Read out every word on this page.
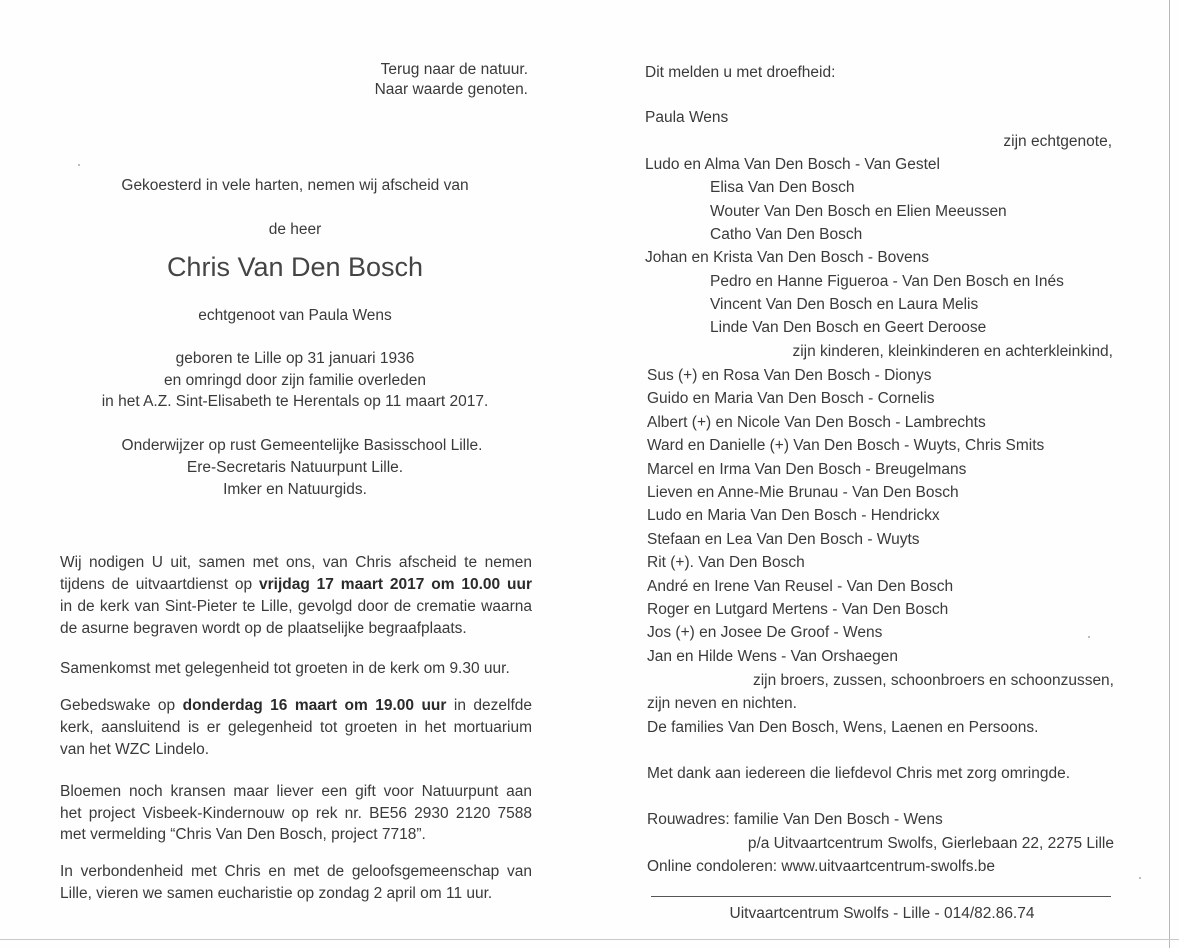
Terug naar de natuur.
Naar waarde genoten.
Gekoesterd in vele harten, nemen wij afscheid van
de heer
Chris Van Den Bosch
echtgenoot van Paula Wens
geboren te Lille op 31 januari 1936
en omringd door zijn familie overleden
in het A.Z. Sint-Elisabeth te Herentals op 11 maart 2017.
Onderwijzer op rust Gemeentelijke Basisschool Lille.
Ere-Secretaris Natuurpunt Lille.
Imker en Natuurgids.
Wij nodigen U uit, samen met ons, van Chris afscheid te nemen
tijdens de uitvaartdienst op vrijdag 17 maart 2017 om 10.00 uur
in de kerk van Sint-Pieter te Lille, gevolgd door de crematie waarna
de asurne begraven wordt op de plaatselijke begraafplaats.
Samenkomst met gelegenheid tot groeten in de kerk om 9.30 uur.
Gebedswake op donderdag 16 maart om 19.00 uur in dezelfde
kerk, aansluitend is er gelegenheid tot groeten in het mortuarium
van het WZC Lindelo.
Bloemen noch kransen maar liever een gift voor Natuurpunt aan
het project Visbeek-Kindernouw op rek nr. BE56 2930 2120 7588
met vermelding “Chris Van Den Bosch, project 7718”.
In verbondenheid met Chris en met de geloofsgemeenschap van
Lille, vieren we samen eucharistie op zondag 2 april om 11 uur.
Dit melden u met droefheid:
Paula Wens
zijn echtgenote,
Ludo en Alma Van Den Bosch - Van Gestel
Elisa Van Den Bosch
Wouter Van Den Bosch en Elien Meeussen
Catho Van Den Bosch
Johan en Krista Van Den Bosch - Bovens
Pedro en Hanne Figueroa - Van Den Bosch en Inés
Vincent Van Den Bosch en Laura Melis
Linde Van Den Bosch en Geert Deroose
zijn kinderen, kleinkinderen en achterkleinkind,
Sus (+) en Rosa Van Den Bosch - Dionys
Guido en Maria Van Den Bosch - Cornelis
Albert (+) en Nicole Van Den Bosch - Lambrechts
Ward en Danielle (+) Van Den Bosch - Wuyts, Chris Smits
Marcel en Irma Van Den Bosch - Breugelmans
Lieven en Anne-Mie Brunau - Van Den Bosch
Ludo en Maria Van Den Bosch - Hendrickx
Stefaan en Lea Van Den Bosch - Wuyts
Rit (+). Van Den Bosch
André en Irene Van Reusel - Van Den Bosch
Roger en Lutgard Mertens - Van Den Bosch
Jos (+) en Josee De Groof - Wens
Jan en Hilde Wens - Van Orshaegen
zijn broers, zussen, schoonbroers en schoonzussen,
zijn neven en nichten.
De families Van Den Bosch, Wens, Laenen en Persoons.
Met dank aan iedereen die liefdevol Chris met zorg omringde.
Rouwadres: familie Van Den Bosch - Wens
p/a Uitvaartcentrum Swolfs, Gierlebaan 22, 2275 Lille
Online condoleren: www.uitvaartcentrum-swolfs.be
Uitvaartcentrum Swolfs - Lille - 014/82.86.74
